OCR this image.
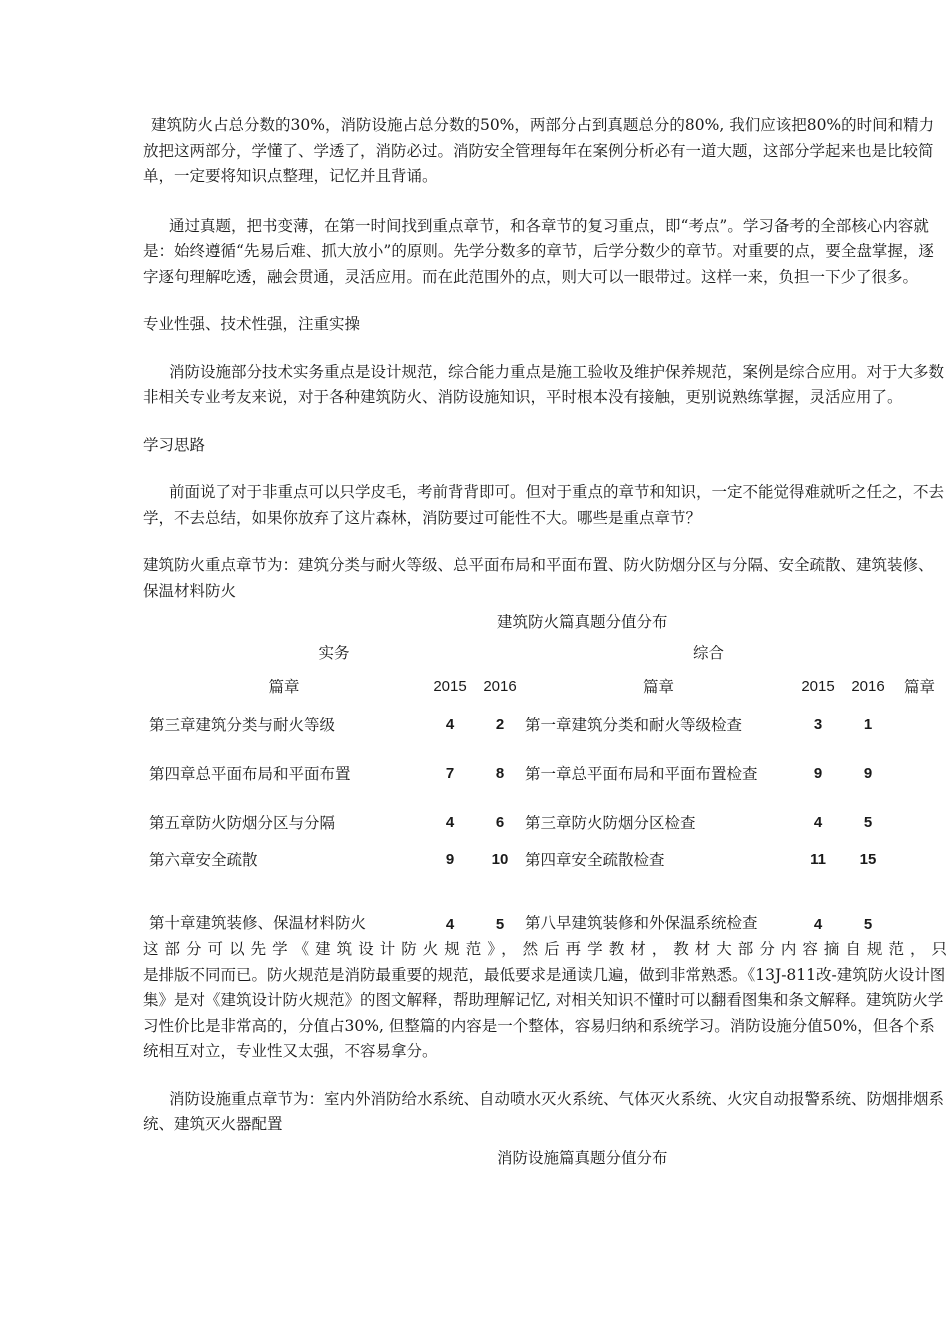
建筑防火占总分数的30%，消防设施占总分数的50%，两部分占到真题总分的80%, 我们应该把80%的时间和精力放把这两部分，学懂了、学透了，消防必过。消防安全管理每年在案例分析必有一道大题，这部分学起来也是比较简单，一定要将知识点整理，记忆并且背诵。

通过真题，把书变薄，在第一时间找到重点章节，和各章节的复习重点，即“考点”。学习备考的全部核心内容就是：始终遵循“先易后难、抓大放小”的原则。先学分数多的章节，后学分数少的章节。对重要的点，要全盘掌握，逐字逐句理解吃透，融会贯通，灵活应用。而在此范围外的点，则大可以一眼带过。这样一来，负担一下少了很多。

专业性强、技术性强，注重实操

消防设施部分技术实务重点是设计规范，综合能力重点是施工验收及维护保养规范，案例是综合应用。对于大多数非相关专业考友来说，对于各种建筑防火、消防设施知识，平时根本没有接触，更别说熟练掌握，灵活应用了。

学习思路

前面说了对于非重点可以只学皮毛，考前背背即可。但对于重点的章节和知识，一定不能觉得难就听之任之，不去学，不去总结，如果你放弃了这片森林，消防要过可能性不大。哪些是重点章节？

建筑防火重点章节为：建筑分类与耐火等级、总平面布局和平面布置、防火防烟分区与分隔、安全疏散、建筑装修、保温材料防火

建筑防火篇真题分值分布

实务			综合			
篇章	2015	2016	篇章	2015	2016	篇章
第三章建筑分类与耐火等级	4	2	第一章建筑分类和耐火等级检查	3	1	
第四章总平面布局和平面布置	7	8	第一章总平面布局和平面布置检查	9	9	
第五章防火防烟分区与分隔	4	6	第三章防火防烟分区检查	4	5	
第六章安全疏散	9	10	第四章安全疏散检查	11	15	
第十章建筑装修、保温材料防火	4	5	第八早建筑装修和外保温系统检查	4	5	

这部分可以先学《建筑设计防火规范》，然后再学教材，教材大部分内容摘自规范，只

是排版不同而已。防火规范是消防最重要的规范，最低要求是通读几遍，做到非常熟悉。《13J-811改-建筑防火设计图集》是对《建筑设计防火规范》的图文解释，帮助理解记忆, 对相关知识不懂时可以翻看图集和条文解释。建筑防火学习性价比是非常高的，分值占30%, 但整篇的内容是一个整体，容易归纳和系统学习。消防设施分值50%，但各个系统相互对立，专业性又太强，不容易拿分。

消防设施重点章节为：室内外消防给水系统、自动喷水灭火系统、气体灭火系统、火灾自动报警系统、防烟排烟系统、建筑灭火器配置

消防设施篇真题分值分布
